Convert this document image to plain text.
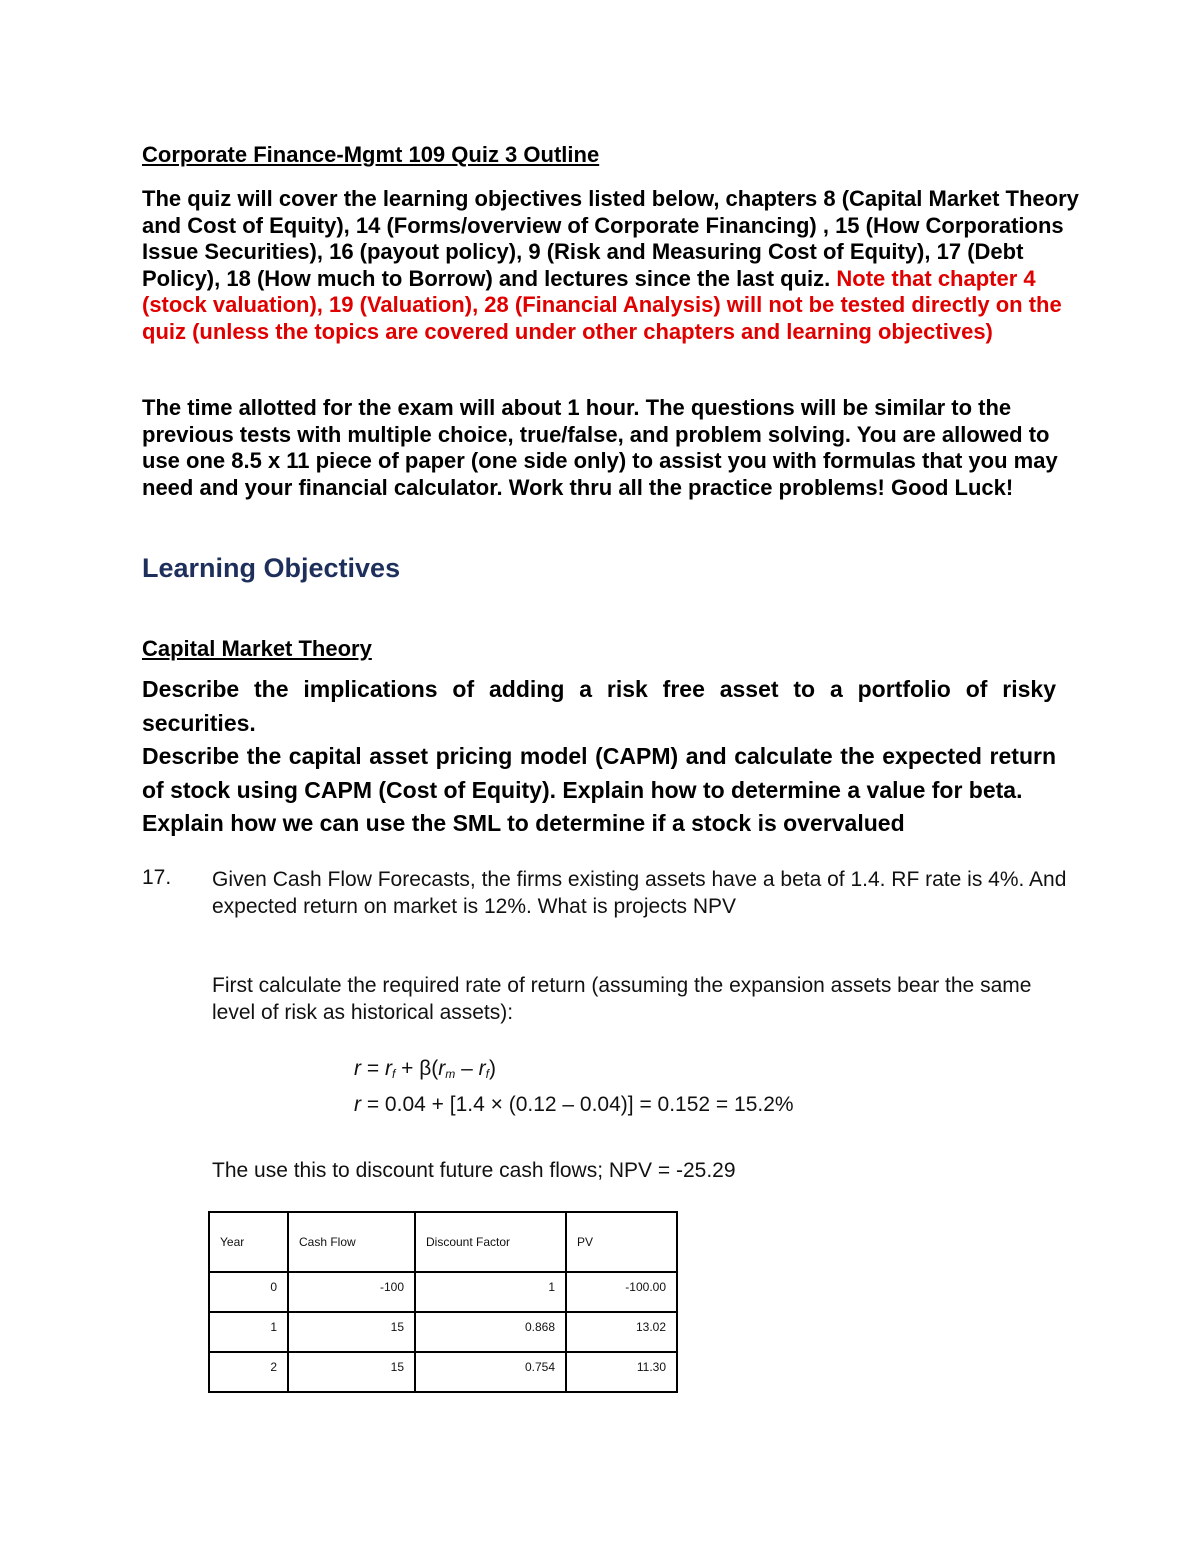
Corporate Finance-Mgmt 109 Quiz 3 Outline

The quiz will cover the learning objectives listed below, chapters 8 (Capital Market Theory and Cost of Equity), 14 (Forms/overview of Corporate Financing) , 15 (How Corporations Issue Securities), 16 (payout policy), 9 (Risk and Measuring Cost of Equity), 17 (Debt Policy), 18 (How much to Borrow) and lectures since the last quiz. Note that chapter 4 (stock valuation), 19 (Valuation), 28 (Financial Analysis) will not be tested directly on the quiz (unless the topics are covered under other chapters and learning objectives)

The time allotted for the exam will about 1 hour. The questions will be similar to the previous tests with multiple choice, true/false, and problem solving. You are allowed to use one 8.5 x 11 piece of paper (one side only) to assist you with formulas that you may need and your financial calculator. Work thru all the practice problems! Good Luck!

Learning Objectives
Capital Market Theory
Describe the implications of adding a risk free asset to a portfolio of risky securities.
Describe the capital asset pricing model (CAPM) and calculate the expected return of stock using CAPM (Cost of Equity). Explain how to determine a value for beta.
Explain how we can use the SML to determine if a stock is overvalued
17. Given Cash Flow Forecasts, the firms existing assets have a beta of 1.4. RF rate is 4%. And expected return on market is 12%. What is projects NPV

First calculate the required rate of return (assuming the expansion assets bear the same level of risk as historical assets):

$r = r_f + \beta(r_m - r_f)$
r = 0.04 + [1.4 × (0.12 – 0.04)] = 0.152 = 15.2%
The use this to discount future cash flows; NPV = -25.29
Year	Cash Flow	Discount Factor	PV
0	-100	1	-100.00
1	15	0.868	13.02
2	15	0.754	11.30
